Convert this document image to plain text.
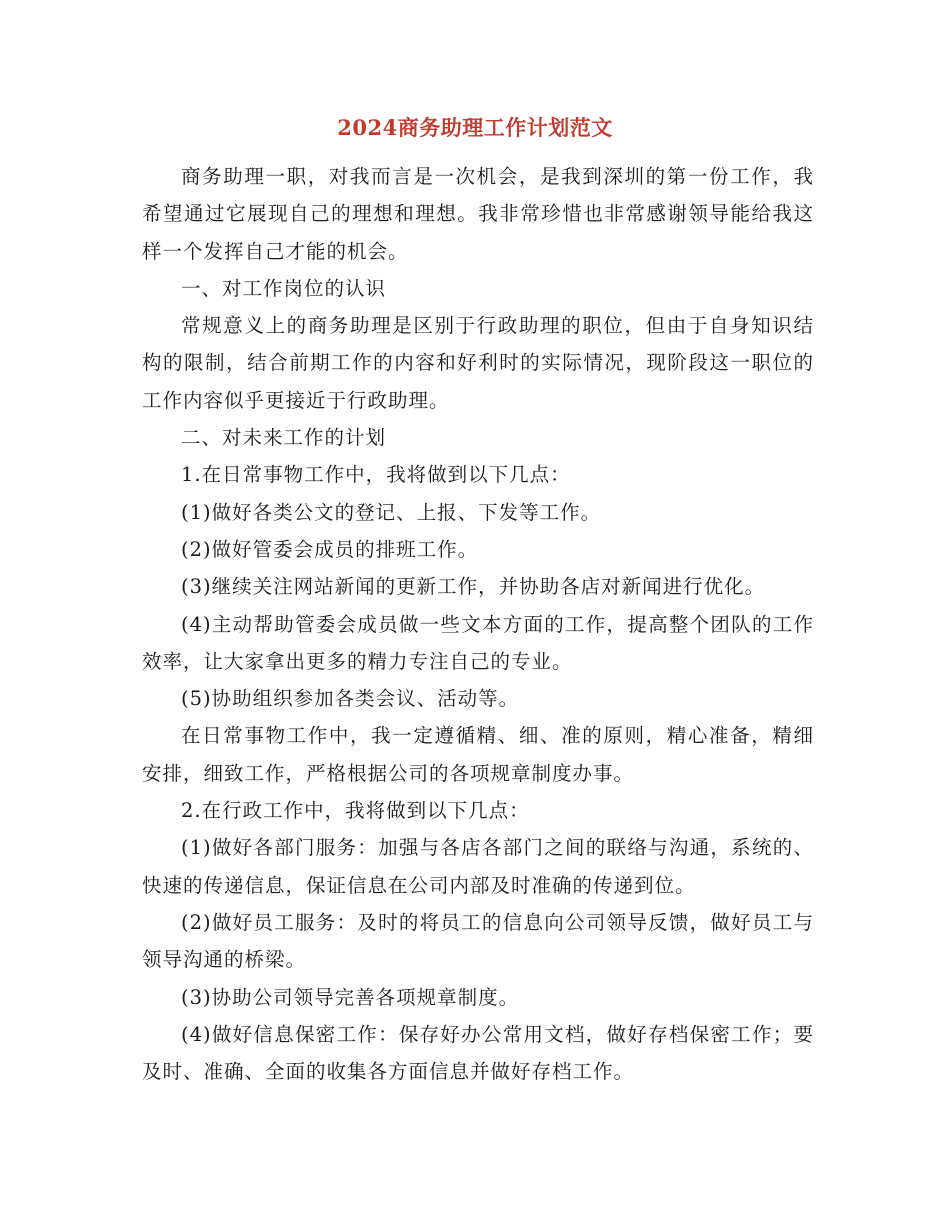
2024商务助理工作计划范文

商务助理一职，对我而言是一次机会，是我到深圳的第一份工作，我希望通过它展现自己的理想和理想。我非常珍惜也非常感谢领导能给我这样一个发挥自己才能的机会。

一、对工作岗位的认识

常规意义上的商务助理是区别于行政助理的职位，但由于自身知识结构的限制，结合前期工作的内容和好利时的实际情况，现阶段这一职位的工作内容似乎更接近于行政助理。

二、对未来工作的计划

1.在日常事物工作中，我将做到以下几点：

(1)做好各类公文的登记、上报、下发等工作。

(2)做好管委会成员的排班工作。

(3)继续关注网站新闻的更新工作，并协助各店对新闻进行优化。

(4)主动帮助管委会成员做一些文本方面的工作，提高整个团队的工作效率，让大家拿出更多的精力专注自己的专业。

(5)协助组织参加各类会议、活动等。

在日常事物工作中，我一定遵循精、细、准的原则，精心准备，精细安排，细致工作，严格根据公司的各项规章制度办事。

2.在行政工作中，我将做到以下几点：

(1)做好各部门服务：加强与各店各部门之间的联络与沟通，系统的、快速的传递信息，保证信息在公司内部及时准确的传递到位。

(2)做好员工服务：及时的将员工的信息向公司领导反馈，做好员工与领导沟通的桥梁。

(3)协助公司领导完善各项规章制度。

(4)做好信息保密工作：保存好办公常用文档，做好存档保密工作；要及时、准确、全面的收集各方面信息并做好存档工作。
